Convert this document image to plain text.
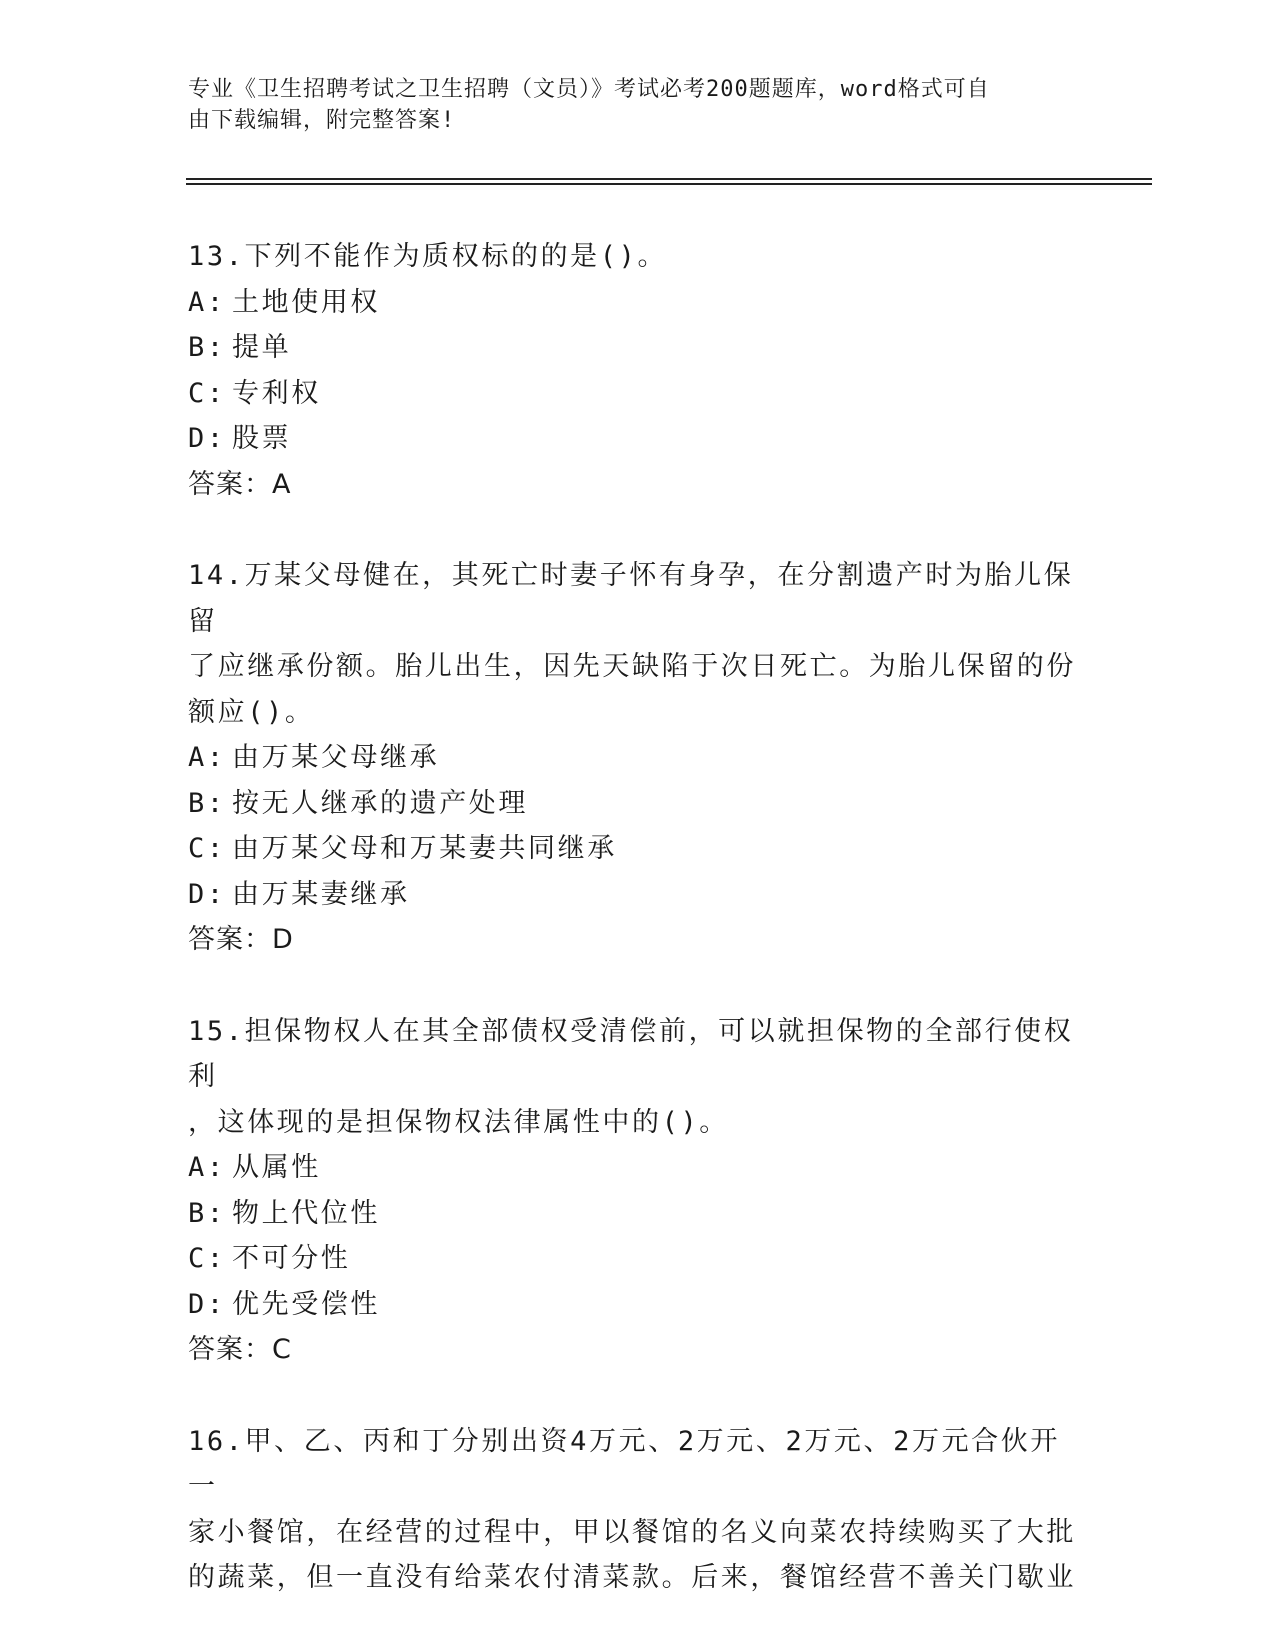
专业《卫生招聘考试之卫生招聘（文员）》考试必考200题题库，word格式可自
由下载编辑，附完整答案!
13.下列不能作为质权标的的是()。
A: 土地使用权
B: 提单
C: 专利权
D: 股票
答案：A
14.万某父母健在，其死亡时妻子怀有身孕，在分割遗产时为胎儿保留
了应继承份额。胎儿出生，因先天缺陷于次日死亡。为胎儿保留的份
额应()。
A: 由万某父母继承
B: 按无人继承的遗产处理
C: 由万某父母和万某妻共同继承
D: 由万某妻继承
答案：D
15.担保物权人在其全部债权受清偿前，可以就担保物的全部行使权利
，这体现的是担保物权法律属性中的()。
A: 从属性
B: 物上代位性
C: 不可分性
D: 优先受偿性
答案：C
16.甲、乙、丙和丁分别出资4万元、2万元、2万元、2万元合伙开一
家小餐馆，在经营的过程中，甲以餐馆的名义向菜农持续购买了大批
的蔬菜，但一直没有给菜农付清菜款。后来，餐馆经营不善关门歇业
